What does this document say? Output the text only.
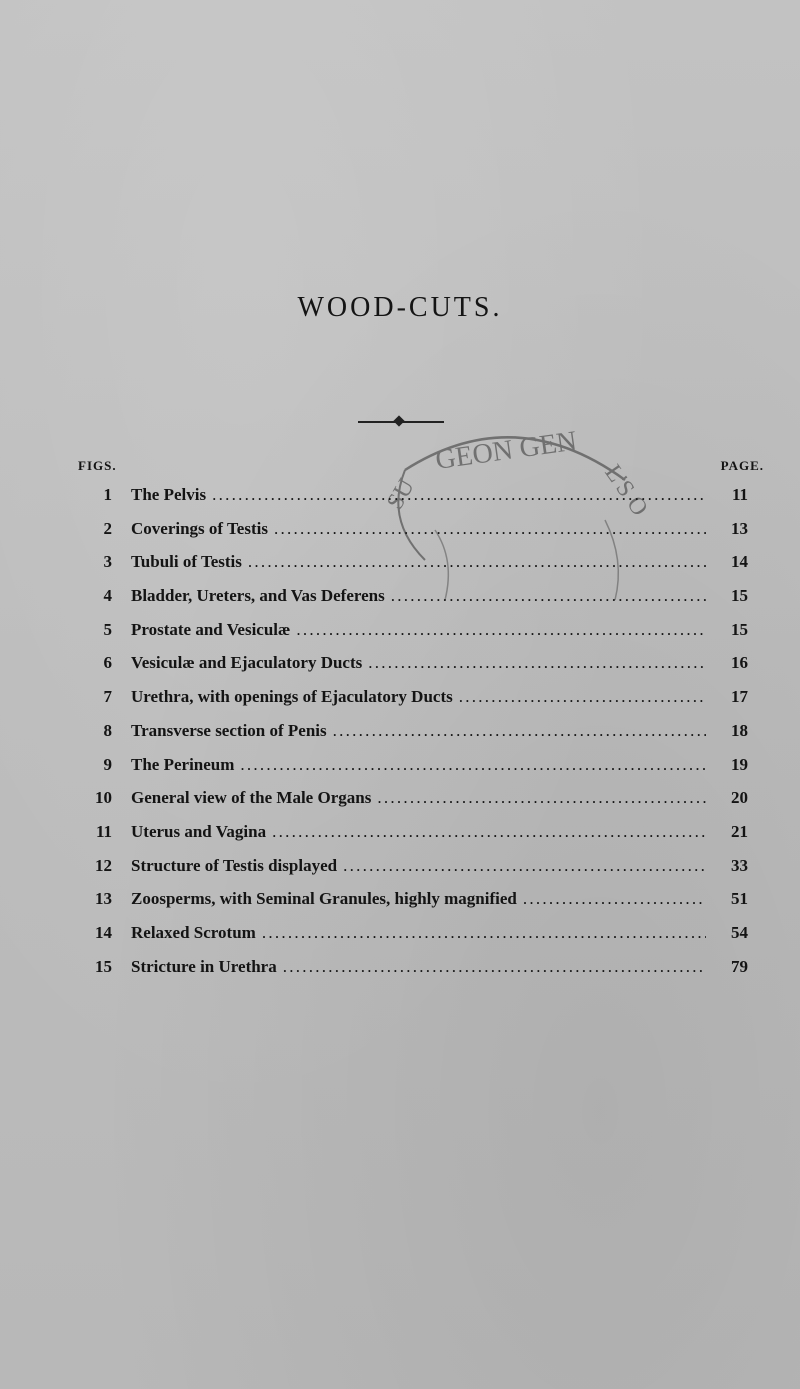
WOOD-CUTS.
GEON GEN
SU	L'S O
FIGS.	PAGE.
1 The Pelvis . . .	11
2 Coverings of Testis . . .	13
3 Tubuli of Testis . . .	14
4 Bladder, Ureters, and Vas Deferens . . .	15
5 Prostate and Vesiculæ . . .	15
6 Vesiculæ and Ejaculatory Ducts . . .	16
7 Urethra, with openings of Ejaculatory Ducts . . .	17
8 Transverse section of Penis . . .	18
9 The Perineum . . .	19
10 General view of the Male Organs . . .	20
11 Uterus and Vagina . . .	21
12 Structure of Testis displayed . . .	33
13 Zoosperms, with Seminal Granules, highly magnified . . .	51
14 Relaxed Scrotum . . .	54
15 Stricture in Urethra . . .	79
